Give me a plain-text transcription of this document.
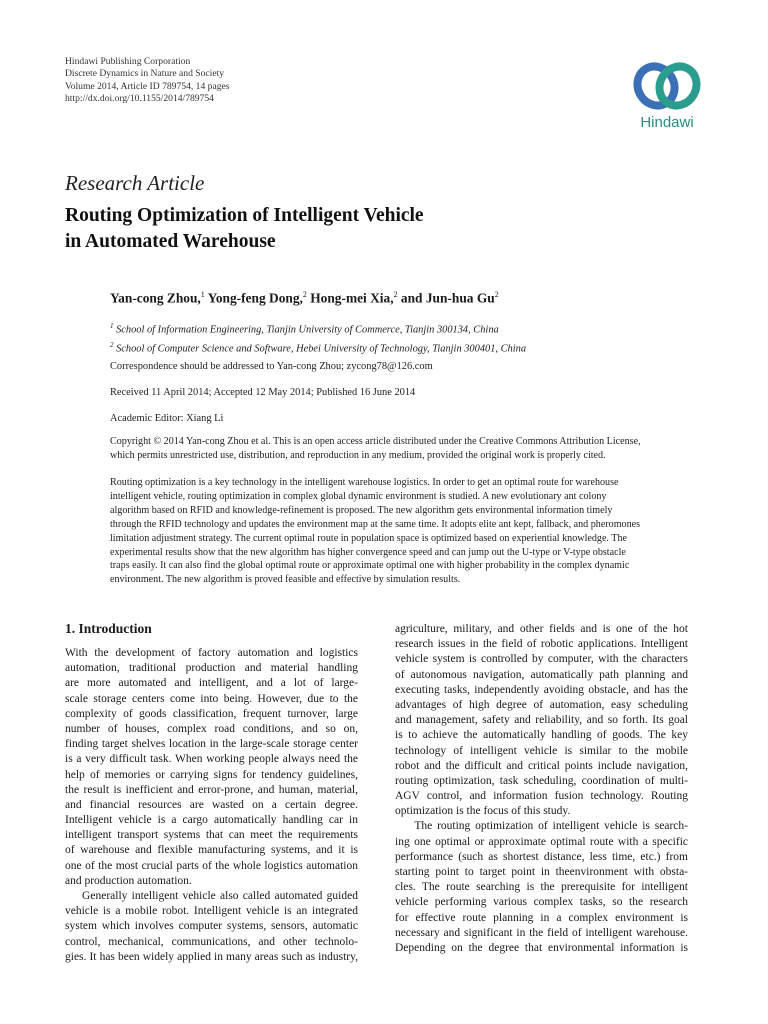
Hindawi Publishing Corporation
Discrete Dynamics in Nature and Society
Volume 2014, Article ID 789754, 14 pages
http://dx.doi.org/10.1155/2014/789754
Hindawi
Research Article
Routing Optimization of Intelligent Vehicle
in Automated Warehouse
Yan-cong Zhou,$^1$ Yong-feng Dong,$^2$ Hong-mei Xia,$^2$ and Jun-hua Gu$^2$
$^1$ School of Information Engineering, Tianjin University of Commerce, Tianjin 300134, China
$^2$ School of Computer Science and Software, Hebei University of Technology, Tianjin 300401, China
Correspondence should be addressed to Yan-cong Zhou; zycong78@126.com
Received 11 April 2014; Accepted 12 May 2014; Published 16 June 2014
Academic Editor: Xiang Li
Copyright © 2014 Yan-cong Zhou et al. This is an open access article distributed under the Creative Commons Attribution License,
which permits unrestricted use, distribution, and reproduction in any medium, provided the original work is properly cited.
Routing optimization is a key technology in the intelligent warehouse logistics. In order to get an optimal route for warehouse
intelligent vehicle, routing optimization in complex global dynamic environment is studied. A new evolutionary ant colony
algorithm based on RFID and knowledge-refinement is proposed. The new algorithm gets environmental information timely
through the RFID technology and updates the environment map at the same time. It adopts elite ant kept, fallback, and pheromones
limitation adjustment strategy. The current optimal route in population space is optimized based on experiential knowledge. The
experimental results show that the new algorithm has higher convergence speed and can jump out the U-type or V-type obstacle
traps easily. It can also find the global optimal route or approximate optimal one with higher probability in the complex dynamic
environment. The new algorithm is proved feasible and effective by simulation results.
1. Introduction
With the development of factory automation and logistics
automation, traditional production and material handling
are more automated and intelligent, and a lot of large-
scale storage centers come into being. However, due to the
complexity of goods classification, frequent turnover, large
number of houses, complex road conditions, and so on,
finding target shelves location in the large-scale storage center
is a very difficult task. When working people always need the
help of memories or carrying signs for tendency guidelines,
the result is inefficient and error-prone, and human, material,
and financial resources are wasted on a certain degree.
Intelligent vehicle is a cargo automatically handling car in
intelligent transport systems that can meet the requirements
of warehouse and flexible manufacturing systems, and it is
one of the most crucial parts of the whole logistics automation
and production automation.
Generally intelligent vehicle also called automated guided
vehicle is a mobile robot. Intelligent vehicle is an integrated
system which involves computer systems, sensors, automatic
control, mechanical, communications, and other technolo-
gies. It has been widely applied in many areas such as industry,
agriculture, military, and other fields and is one of the hot
research issues in the field of robotic applications. Intelligent
vehicle system is controlled by computer, with the characters
of autonomous navigation, automatically path planning and
executing tasks, independently avoiding obstacle, and has the
advantages of high degree of automation, easy scheduling
and management, safety and reliability, and so forth. Its goal
is to achieve the automatically handling of goods. The key
technology of intelligent vehicle is similar to the mobile
robot and the difficult and critical points include navigation,
routing optimization, task scheduling, coordination of multi-
AGV control, and information fusion technology. Routing
optimization is the focus of this study.
The routing optimization of intelligent vehicle is search-
ing one optimal or approximate optimal route with a specific
performance (such as shortest distance, less time, etc.) from
starting point to target point in theenvironment with obsta-
cles. The route searching is the prerequisite for intelligent
vehicle performing various complex tasks, so the research
for effective route planning in a complex environment is
necessary and significant in the field of intelligent warehouse.
Depending on the degree that environmental information is
